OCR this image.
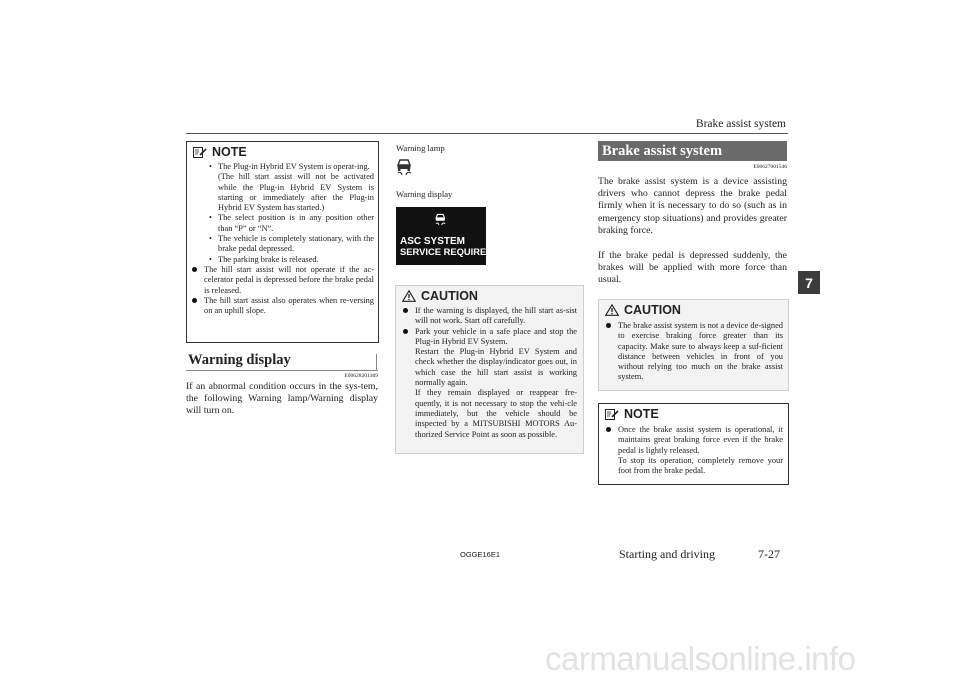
Brake assist system
7
NOTE
• The Plug-in Hybrid EV System is operat-ing.
(The hill start assist will not be activated while the Plug-in Hybrid EV System is starting or immediately after the Plug-in Hybrid EV System has started.)
• The select position is in any position other than “P” or “N”.
• The vehicle is completely stationary, with the brake pedal depressed.
• The parking brake is released.
The hill start assist will not operate if the ac-celerator pedal is depressed before the brake pedal is released.
The hill start assist also operates when re-versing on an uphill slope.
Warning display
E00628201369
If an abnormal condition occurs in the sys-tem, the following Warning lamp/Warning display will turn on.
Warning lamp
Warning display
ASC SYSTEM
SERVICE REQUIRED
CAUTION
If the warning is displayed, the hill start as-sist will not work. Start off carefully.
Park your vehicle in a safe place and stop the Plug-in Hybrid EV System.
Restart the Plug-in Hybrid EV System and check whether the display/indicator goes out, in which case the hill start assist is working normally again.
If they remain displayed or reappear fre-quently, it is not necessary to stop the vehi-cle immediately, but the vehicle should be inspected by a MITSUBISHI MOTORS Au-thorized Service Point as soon as possible.
Brake assist system
E00627001546
The brake assist system is a device assisting drivers who cannot depress the brake pedal firmly when it is necessary to do so (such as in emergency stop situations) and provides greater braking force.
If the brake pedal is depressed suddenly, the brakes will be applied with more force than usual.
CAUTION
The brake assist system is not a device de-signed to exercise braking force greater than its capacity. Make sure to always keep a suf-ficient distance between vehicles in front of you without relying too much on the brake assist system.
NOTE
Once the brake assist system is operational, it maintains great braking force even if the brake pedal is lightly released.
To stop its operation, completely remove your foot from the brake pedal.
OGGE16E1	Starting and driving	7-27
carmanualsonline.info
